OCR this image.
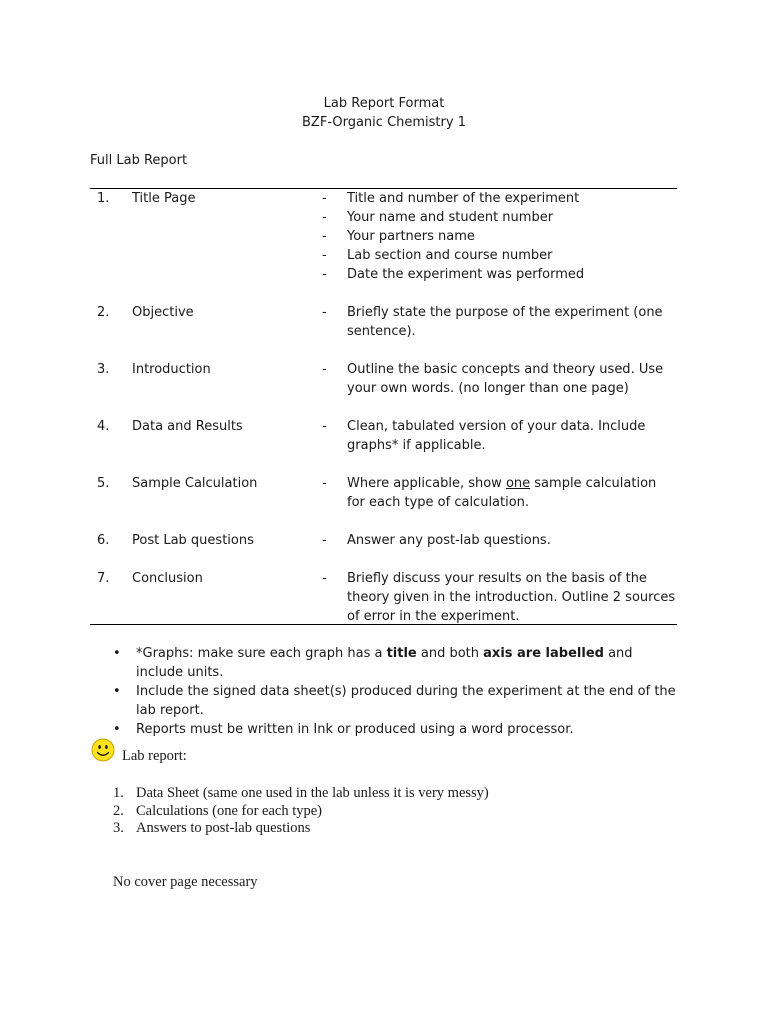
Lab Report Format
BZF-Organic Chemistry 1
Full Lab Report
1. Title Page	- Title and number of the experiment
- Your name and student number
- Your partners name
- Lab section and course number
- Date the experiment was performed
2. Objective	- Briefly state the purpose of the experiment (one sentence).
3. Introduction	- Outline the basic concepts and theory used. Use your own words. (no longer than one page)
4. Data and Results	- Clean, tabulated version of your data. Include graphs* if applicable.
5. Sample Calculation	- Where applicable, show one sample calculation for each type of calculation.
6. Post Lab questions	- Answer any post-lab questions.
7. Conclusion	- Briefly discuss your results on the basis of the theory given in the introduction. Outline 2 sources of error in the experiment.
• *Graphs: make sure each graph has a title and both axis are labelled and include units.
• Include the signed data sheet(s) produced during the experiment at the end of the lab report.
• Reports must be written in Ink or produced using a word processor.
Lab report:
1. Data Sheet (same one used in the lab unless it is very messy)
2. Calculations (one for each type)
3. Answers to post-lab questions
No cover page necessary
